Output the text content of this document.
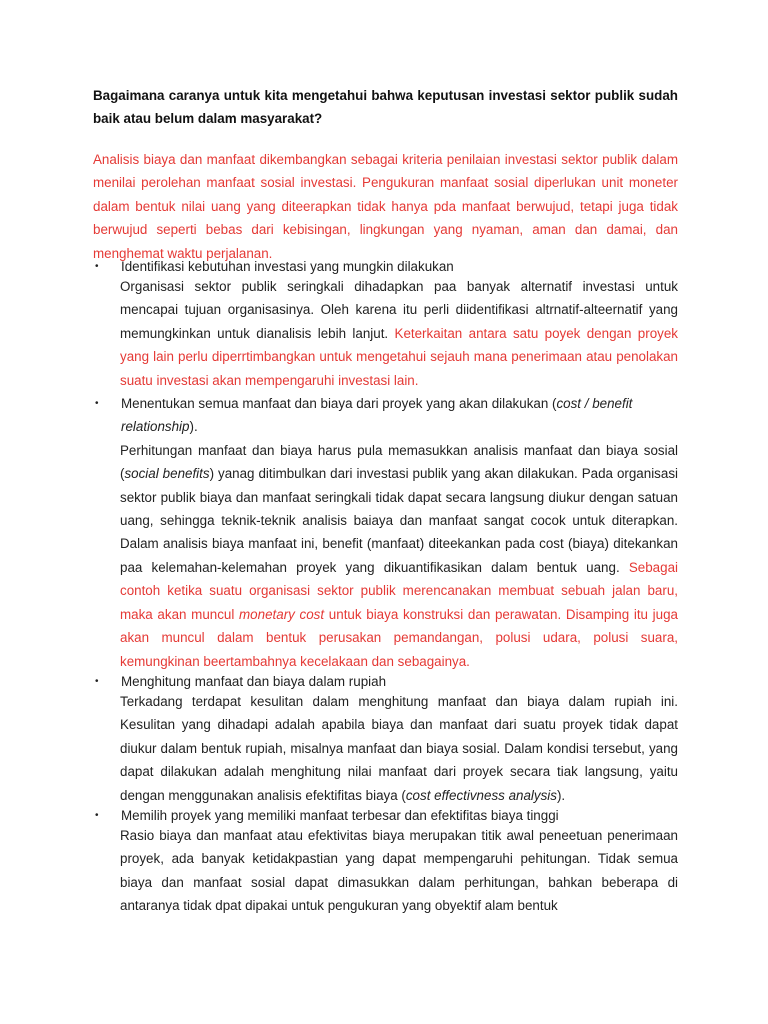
Bagaimana caranya untuk kita mengetahui bahwa keputusan investasi sektor publik sudah baik atau belum dalam masyarakat?
Analisis biaya dan manfaat dikembangkan sebagai kriteria penilaian investasi sektor publik dalam menilai perolehan manfaat sosial investasi. Pengukuran manfaat sosial diperlukan unit moneter dalam bentuk nilai uang yang diteerapkan tidak hanya pda manfaat berwujud, tetapi juga tidak berwujud seperti bebas dari kebisingan, lingkungan yang nyaman, aman dan damai, dan menghemat waktu perjalanan.
•	Identifikasi kebutuhan investasi yang mungkin dilakukan
Organisasi sektor publik seringkali dihadapkan paa banyak alternatif investasi untuk mencapai tujuan organisasinya. Oleh karena itu perli diidentifikasi altrnatif-alteernatif yang memungkinkan untuk dianalisis lebih lanjut. Keterkaitan antara satu poyek dengan proyek yang lain perlu diperrtimbangkan untuk mengetahui sejauh mana penerimaan atau penolakan suatu investasi akan mempengaruhi investasi lain.
•	Menentukan semua manfaat dan biaya dari proyek yang akan dilakukan (cost / benefit relationship).
Perhitungan manfaat dan biaya harus pula memasukkan analisis manfaat dan biaya sosial (social benefits) yanag ditimbulkan dari investasi publik yang akan dilakukan. Pada organisasi sektor publik biaya dan manfaat seringkali tidak dapat secara langsung diukur dengan satuan uang, sehingga teknik-teknik analisis baiaya dan manfaat sangat cocok untuk diterapkan. Dalam analisis biaya manfaat ini, benefit (manfaat) diteekankan pada cost (biaya) ditekankan paa kelemahan-kelemahan proyek yang dikuantifikasikan dalam bentuk uang. Sebagai contoh ketika suatu organisasi sektor publik merencanakan membuat sebuah jalan baru, maka akan muncul monetary cost untuk biaya konstruksi dan perawatan. Disamping itu juga akan muncul dalam bentuk perusakan pemandangan, polusi udara, polusi suara, kemungkinan beertambahnya kecelakaan dan sebagainya.
•	Menghitung manfaat dan biaya dalam rupiah
Terkadang terdapat kesulitan dalam menghitung manfaat dan biaya dalam rupiah ini. Kesulitan yang dihadapi adalah apabila biaya dan manfaat dari suatu proyek tidak dapat diukur dalam bentuk rupiah, misalnya manfaat dan biaya sosial. Dalam kondisi tersebut, yang dapat dilakukan adalah menghitung nilai manfaat dari proyek secara tiak langsung, yaitu dengan menggunakan analisis efektifitas biaya (cost effectivness analysis).
•	Memilih proyek yang memiliki manfaat terbesar dan efektifitas biaya tinggi
Rasio biaya dan manfaat atau efektivitas biaya merupakan titik awal peneetuan penerimaan proyek, ada banyak ketidakpastian yang dapat mempengaruhi pehitungan. Tidak semua biaya dan manfaat sosial dapat dimasukkan dalam perhitungan, bahkan beberapa di antaranya tidak dpat dipakai untuk pengukuran yang obyektif alam bentuk
